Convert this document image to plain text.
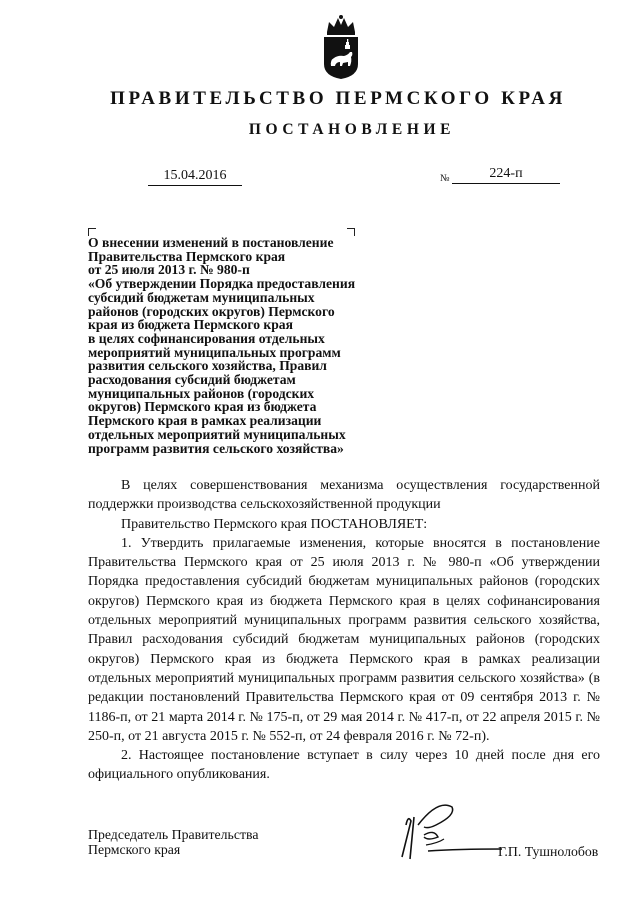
ПРАВИТЕЛЬСТВО ПЕРМСКОГО КРАЯ
ПОСТАНОВЛЕНИЕ
15.04.2016	№	224-п
О внесении изменений в постановление
Правительства Пермского края
от 25 июля 2013 г. № 980-п
«Об утверждении Порядка предоставления
субсидий бюджетам муниципальных
районов (городских округов) Пермского
края из бюджета Пермского края
в целях софинансирования отдельных
мероприятий муниципальных программ
развития сельского хозяйства, Правил
расходования субсидий бюджетам
муниципальных районов (городских
округов) Пермского края из бюджета
Пермского края в рамках реализации
отдельных мероприятий муниципальных
программ развития сельского хозяйства»

В целях совершенствования механизма осуществления государственной поддержки производства сельскохозяйственной продукции

Правительство Пермского края ПОСТАНОВЛЯЕТ:

1. Утвердить прилагаемые изменения, которые вносятся в постановление Правительства Пермского края от 25 июля 2013 г. № 980-п «Об утверждении Порядка предоставления субсидий бюджетам муниципальных районов (городских округов) Пермского края из бюджета Пермского края в целях софинансирования отдельных мероприятий муниципальных программ развития сельского хозяйства, Правил расходования субсидий бюджетам муниципальных районов (городских округов) Пермского края из бюджета Пермского края в рамках реализации отдельных мероприятий муниципальных программ развития сельского хозяйства» (в редакции постановлений Правительства Пермского края от 09 сентября 2013 г. № 1186-п, от 21 марта 2014 г. № 175-п, от 29 мая 2014 г. № 417-п, от 22 апреля 2015 г. № 250-п, от 21 августа 2015 г. № 552-п, от 24 февраля 2016 г. № 72-п).

2. Настоящее постановление вступает в силу через 10 дней после дня его официального опубликования.

Председатель Правительства
Пермского края	Г.П. Тушнолобов
